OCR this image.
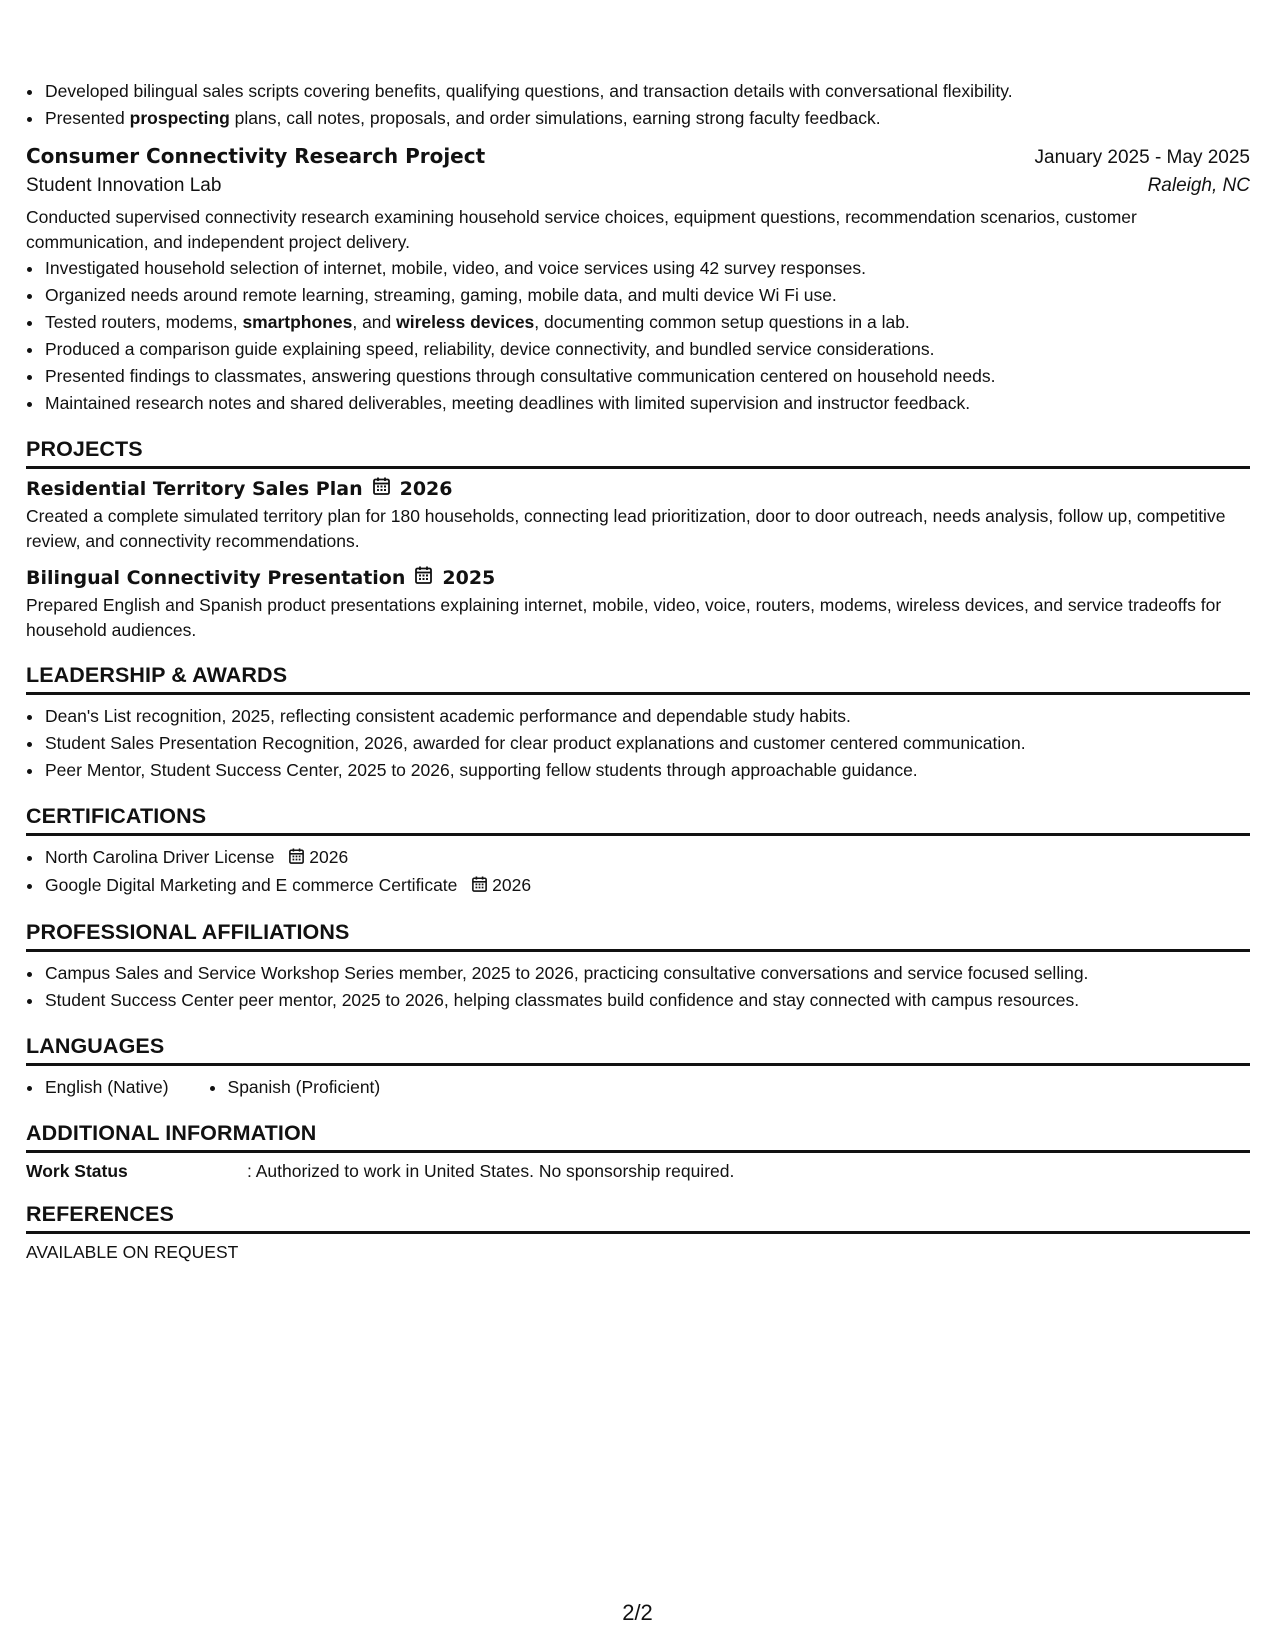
• Developed bilingual sales scripts covering benefits, qualifying questions, and transaction details with conversational flexibility.
• Presented prospecting plans, call notes, proposals, and order simulations, earning strong faculty feedback.
Consumer Connectivity Research Project	January 2025 - May 2025
Student Innovation Lab	Raleigh, NC
Conducted supervised connectivity research examining household service choices, equipment questions, recommendation scenarios, customer communication, and independent project delivery.
• Investigated household selection of internet, mobile, video, and voice services using 42 survey responses.
• Organized needs around remote learning, streaming, gaming, mobile data, and multi device Wi Fi use.
• Tested routers, modems, smartphones, and wireless devices, documenting common setup questions in a lab.
• Produced a comparison guide explaining speed, reliability, device connectivity, and bundled service considerations.
• Presented findings to classmates, answering questions through consultative communication centered on household needs.
• Maintained research notes and shared deliverables, meeting deadlines with limited supervision and instructor feedback.
PROJECTS
Residential Territory Sales Plan 2026
Created a complete simulated territory plan for 180 households, connecting lead prioritization, door to door outreach, needs analysis, follow up, competitive review, and connectivity recommendations.
Bilingual Connectivity Presentation 2025
Prepared English and Spanish product presentations explaining internet, mobile, video, voice, routers, modems, wireless devices, and service tradeoffs for household audiences.
LEADERSHIP & AWARDS
• Dean's List recognition, 2025, reflecting consistent academic performance and dependable study habits.
• Student Sales Presentation Recognition, 2026, awarded for clear product explanations and customer centered communication.
• Peer Mentor, Student Success Center, 2025 to 2026, supporting fellow students through approachable guidance.
CERTIFICATIONS
• North Carolina Driver License 2026
• Google Digital Marketing and E commerce Certificate 2026
PROFESSIONAL AFFILIATIONS
• Campus Sales and Service Workshop Series member, 2025 to 2026, practicing consultative conversations and service focused selling.
• Student Success Center peer mentor, 2025 to 2026, helping classmates build confidence and stay connected with campus resources.
LANGUAGES
• English (Native)
•	Spanish (Proficient)
ADDITIONAL INFORMATION
Work Status	: Authorized to work in United States. No sponsorship required.
REFERENCES
AVAILABLE ON REQUEST
2/2
